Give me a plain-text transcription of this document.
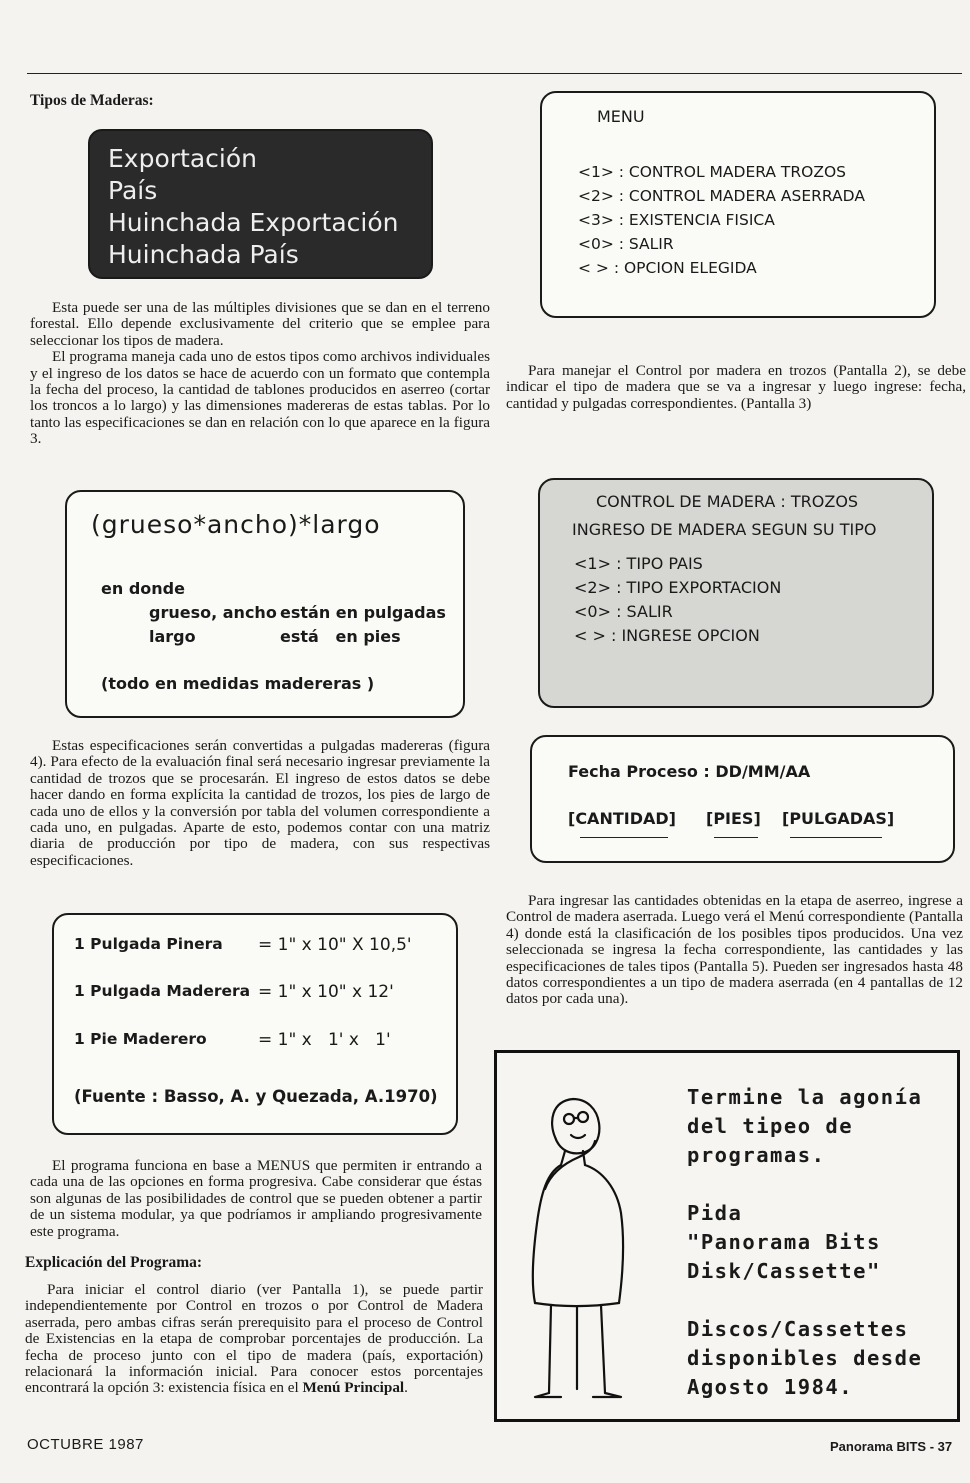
Tipos de Maderas:
Exportación
País
Huinchada Exportación
Huinchada País

Esta puede ser una de las múltiples divisiones que se dan en el terreno forestal. Ello depende exclusivamente del criterio que se emplee para seleccionar los tipos de madera.

El programa maneja cada uno de estos tipos como archivos individuales y el ingreso de los datos se hace de acuerdo con un formato que contempla la fecha del proceso, la cantidad de tablones producidos en aserreo (cortar los troncos a lo largo) y las dimensiones madereras de estas tablas. Por lo tanto las especificaciones se dan en relación con lo que aparece en la figura 3.

(grueso*ancho)*largo
en donde
grueso, ancho están en pulgadas
largo	está   en pies
(todo en medidas madereras )

Estas especificaciones serán convertidas a pulgadas madereras (figura 4). Para efecto de la evaluación final será necesario ingresar previamente la cantidad de trozos que se procesarán. El ingreso de estos datos se debe hacer dando en forma explícita la cantidad de trozos, los pies de largo de cada uno de ellos y la conversión por tabla del volumen correspondiente a cada uno, en pulgadas. Aparte de esto, podemos contar con una matriz diaria de producción por tipo de madera, con sus respectivas especificaciones.

1 Pulgada Pinera = 1" x 10" X 10,5'
1 Pulgada Maderera = 1" x 10" x 12'
1 Pie Maderero	= 1" x   1' x   1'
(Fuente : Basso, A. y Quezada, A.1970)

El programa funciona en base a MENUS que permiten ir entrando a cada una de las opciones en forma progresiva. Cabe considerar que éstas son algunas de las posibilidades de control que se pueden obtener a partir de un sistema modular, ya que podríamos ir ampliando progresivamente este programa.

Explicación del Programa:

Para iniciar el control diario (ver Pantalla 1), se puede partir independientemente por Control en trozos o por Control de Madera aserrada, pero ambas cifras serán prerequisito para el proceso de Control de Existencias en la etapa de comprobar porcentajes de producción. La fecha de proceso junto con el tipo de madera (país, exportación) relacionará la información inicial. Para conocer estos porcentajes encontrará la opción 3: existencia física en el Menú Principal.

MENU
<1> : CONTROL MADERA TROZOS
<2> : CONTROL MADERA ASERRADA
<3> : EXISTENCIA FISICA
<0> : SALIR
< > : OPCION ELEGIDA

Para manejar el Control por madera en trozos (Pantalla 2), se debe indicar el tipo de madera que se va a ingresar y luego ingrese: fecha, cantidad y pulgadas correspondientes. (Pantalla 3)

CONTROL DE MADERA : TROZOS
INGRESO DE MADERA SEGUN SU TIPO
<1> : TIPO PAIS
<2> : TIPO EXPORTACION
<0> : SALIR
< > : INGRESE OPCION
Fecha Proceso : DD/MM/AA
[CANTIDAD] [PIES] [PULGADAS]

Para ingresar las cantidades obtenidas en la etapa de aserreo, ingrese a Control de madera aserrada. Luego verá el Menú correspondiente (Pantalla 4) donde está la clasificación de los posibles tipos producidos. Una vez seleccionada se ingresa la fecha correspondiente, las cantidades y las especificaciones de tales tipos (Pantalla 5). Pueden ser ingresados hasta 48 datos correspondientes a un tipo de madera aserrada (en 4 pantallas de 12 datos por cada una).

Termine la agonía
del tipeo de
programas.
Pida
"Panorama Bits
Disk/Cassette"
Discos/Cassettes
disponibles desde
Agosto 1984.
OCTUBRE 1987	Panorama BITS - 37
